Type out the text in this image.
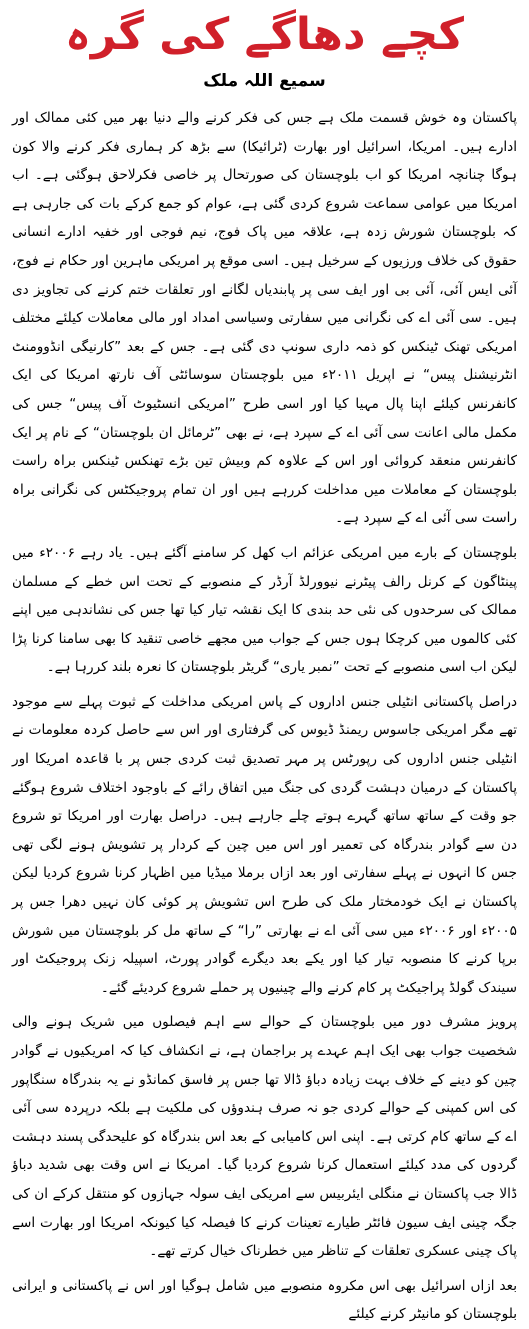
کچے دھاگے کی گرہ
سمیع اللہ ملک

پاکستان وہ خوش قسمت ملک ہے جس کی فکر کرنے والے دنیا بھر میں کئی ممالک اور ادارے ہیں۔ امریکا، اسرائیل اور بھارت (ٹرائیکا) سے بڑھ کر ہماری فکر کرنے والا کون ہوگا چنانچہ امریکا کو اب بلوچستان کی صورتحال پر خاصی فکرلاحق ہوگئی ہے۔ اب امریکا میں عوامی سماعت شروع کردی گئی ہے، عوام کو جمع کرکے بات کی جارہی ہے کہ بلوچستان شورش زدہ ہے، علاقہ میں پاک فوج، نیم فوجی اور خفیہ ادارے انسانی حقوق کی خلاف ورزیوں کے سرخیل ہیں۔ اسی موقع پر امریکی ماہرین اور حکام نے فوج، آئی ایس آئی، آئی بی اور ایف سی پر پابندیاں لگانے اور تعلقات ختم کرنے کی تجاویز دی ہیں۔ سی آئی اے کی نگرانی میں سفارتی وسیاسی امداد اور مالی معاملات کیلئے مختلف امریکی تھنک ٹینکس کو ذمہ داری سونپ دی گئی ہے۔ جس کے بعد ”کارنیگی انڈوومنٹ انٹرنیشنل پیس“ نے اپریل ۲۰۱۱ء میں بلوچستان سوسائٹی آف نارتھ امریکا کی ایک کانفرنس کیلئے اپنا پال مہیا کیا اور اسی طرح ”امریکی انسٹیوٹ آف پیس“ جس کی مکمل مالی اعانت سی آئی اے کے سپرد ہے، نے بھی ”ٹرمائل ان بلوچستان“ کے نام پر ایک کانفرنس منعقد کروائی اور اس کے علاوہ کم وبیش تین بڑے تھنکس ٹینکس براہ راست بلوچستان کے معاملات میں مداخلت کررہے ہیں اور ان تمام پروجیکٹس کی نگرانی براہ راست سی آئی اے کے سپرد ہے۔

بلوچستان کے بارے میں امریکی عزائم اب کھل کر سامنے آگئے ہیں۔ یاد رہے ۲۰۰۶ء میں پینٹاگون کے کرنل رالف پیٹرنے نیوورلڈ آرڈر کے منصوبے کے تحت اس خطے کے مسلمان ممالک کی سرحدوں کی نئی حد بندی کا ایک نقشہ تیار کیا تھا جس کی نشاندہی میں اپنے کئی کالموں میں کرچکا ہوں جس کے جواب میں مجھے خاصی تنقید کا بھی سامنا کرنا پڑا لیکن اب اسی منصوبے کے تحت ”نمبر یاری“ گریٹر بلوچستان کا نعرہ بلند کررہا ہے۔

دراصل پاکستانی انٹیلی جنس اداروں کے پاس امریکی مداخلت کے ثبوت پہلے سے موجود تھے مگر امریکی جاسوس ریمنڈ ڈیوس کی گرفتاری اور اس سے حاصل کردہ معلومات نے انٹیلی جنس اداروں کی رپورٹس پر مہر تصدیق ثبت کردی جس پر با قاعدہ امریکا اور پاکستان کے درمیان دہشت گردی کی جنگ میں اتفاق رائے کے باوجود اختلاف شروع ہوگئے جو وقت کے ساتھ ساتھ گہرے ہوتے چلے جارہے ہیں۔ دراصل بھارت اور امریکا تو شروع دن سے گوادر بندرگاہ کی تعمیر اور اس میں چین کے کردار پر تشویش ہونے لگی تھی جس کا انہوں نے پہلے سفارتی اور بعد ازاں برملا میڈیا میں اظہار کرنا شروع کردیا لیکن پاکستان نے ایک خودمختار ملک کی طرح اس تشویش پر کوئی کان نہیں دھرا جس پر ۲۰۰۵ء اور ۲۰۰۶ء میں سی آئی اے نے بھارتی ”را“ کے ساتھ مل کر بلوچستان میں شورش برپا کرنے کا منصوبہ تیار کیا اور یکے بعد دیگرے گوادر پورٹ، اسپیلہ زنک پروجیکٹ اور سیندک گولڈ پراجیکٹ پر کام کرنے والے چینیوں پر حملے شروع کردیئے گئے۔

پرویز مشرف دور میں بلوچستان کے حوالے سے اہم فیصلوں میں شریک ہونے والی شخصیت جواب بھی ایک اہم عہدے پر براجمان ہے، نے انکشاف کیا کہ امریکیوں نے گوادر چین کو دینے کے خلاف بہت زیادہ دباؤ ڈالا تھا جس پر فاسق کمانڈو نے یہ بندرگاہ سنگاپور کی اس کمپنی کے حوالے کردی جو نہ صرف ہندوؤں کی ملکیت ہے بلکہ درپردہ سی آئی اے کے ساتھ کام کرتی ہے۔ اپنی اس کامیابی کے بعد اس بندرگاہ کو علیحدگی پسند دہشت گردوں کی مدد کیلئے استعمال کرنا شروع کردیا گیا۔ امریکا نے اس وقت بھی شدید دباؤ ڈالا جب پاکستان نے منگلی ایئربیس سے امریکی ایف سولہ جہازوں کو منتقل کرکے ان کی جگہ چینی ایف سیون فائٹر طیارے تعینات کرنے کا فیصلہ کیا کیونکہ امریکا اور بھارت اسے پاک چینی عسکری تعلقات کے تناظر میں خطرناک خیال کرتے تھے۔

بعد ازاں اسرائیل بھی اس مکروہ منصوبے میں شامل ہوگیا اور اس نے پاکستانی و ایرانی بلوچستان کو مانیٹر کرنے کیلئے
